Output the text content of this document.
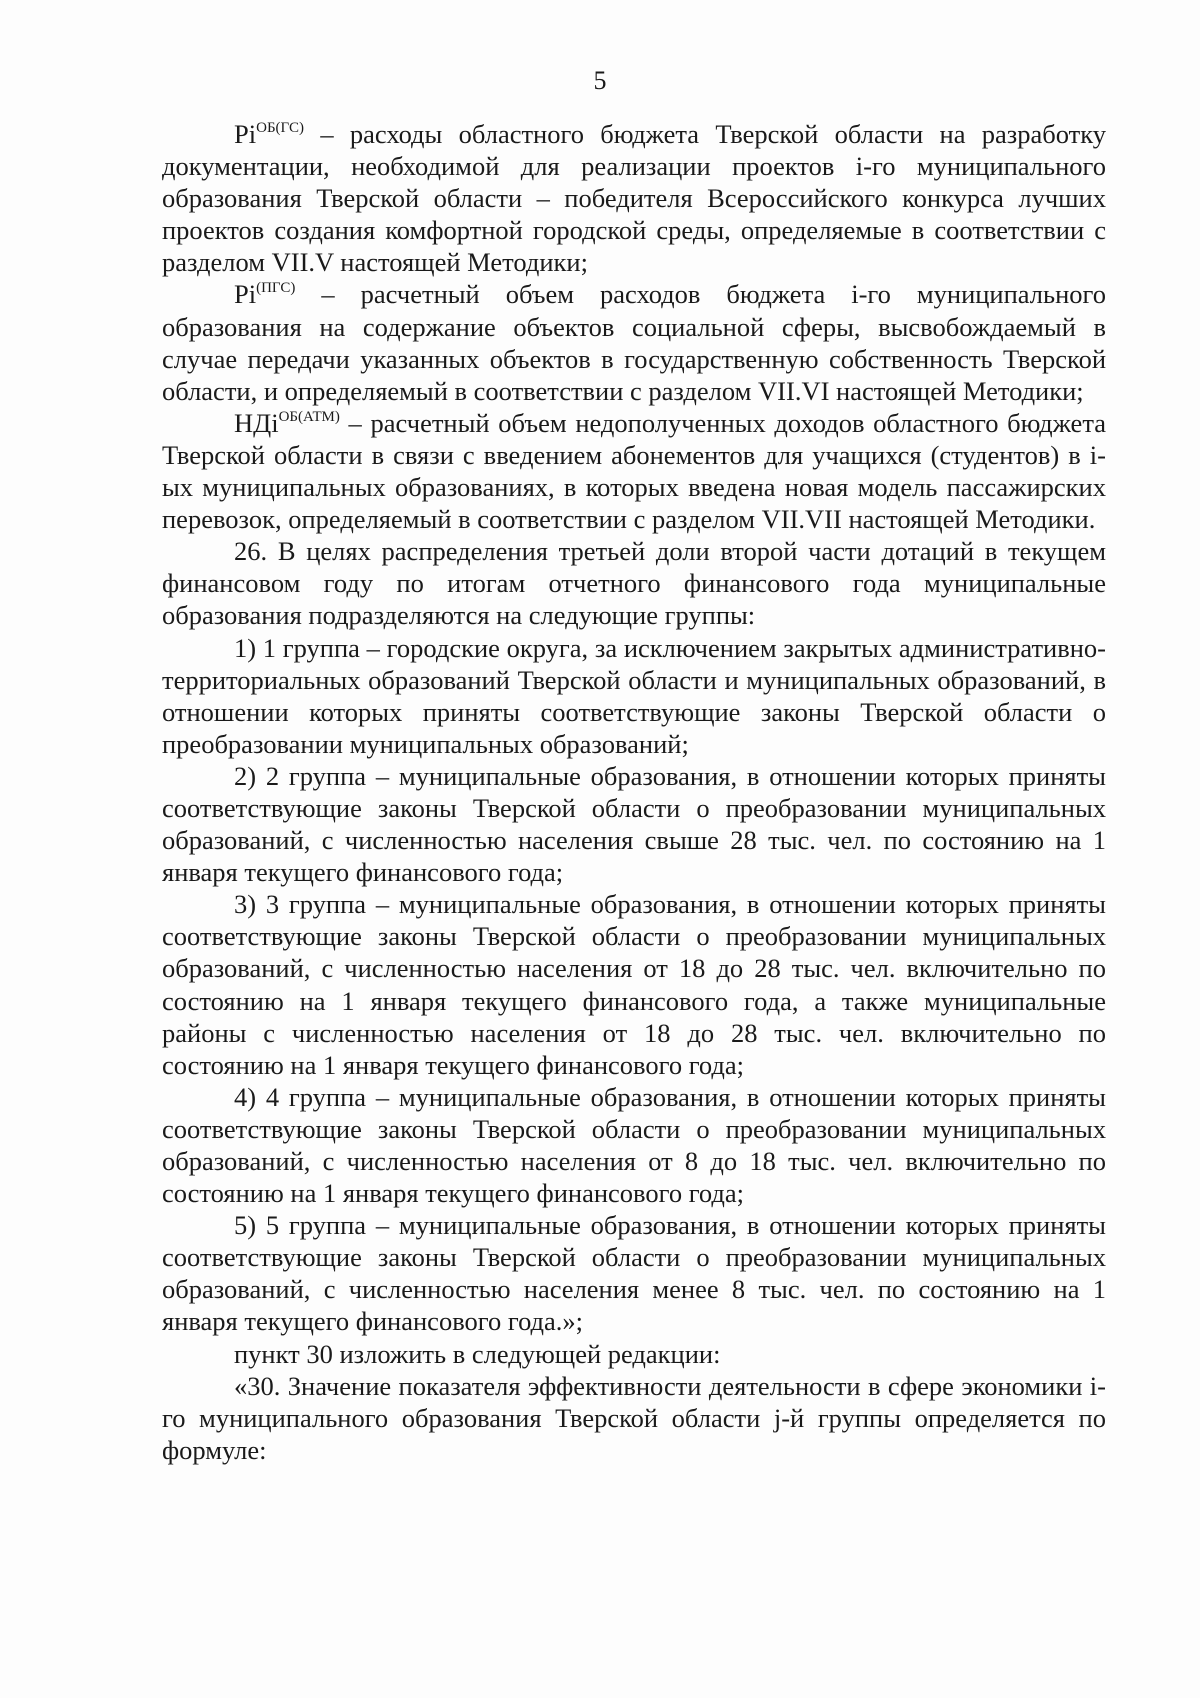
5

$Pi^{ОБ(ГС)}$ – расходы областного бюджета Тверской области на разработку документации, необходимой для реализации проектов i-го муниципального образования Тверской области – победителя Всероссийского конкурса лучших проектов создания комфортной городской среды, определяемые в соответствии с разделом VII.V настоящей Методики;

$Pi^{(ПГС)}$ – расчетный объем расходов бюджета i-го муниципального образования на содержание объектов социальной сферы, высвобождаемый в случае передачи указанных объектов в государственную собственность Тверской области, и определяемый в соответствии с разделом VII.VI настоящей Методики;

НДi$^{ОБ(АТМ)}$ – расчетный объем недополученных доходов областного бюджета Тверской области в связи с введением абонементов для учащихся (студентов) в i-ых муниципальных образованиях, в которых введена новая модель пассажирских перевозок, определяемый в соответствии с разделом VII.VII настоящей Методики.

26. В целях распределения третьей доли второй части дотаций в текущем финансовом году по итогам отчетного финансового года муниципальные образования подразделяются на следующие группы:

1) 1 группа – городские округа, за исключением закрытых административно-территориальных образований Тверской области и муниципальных образований, в отношении которых приняты соответствующие законы Тверской области о преобразовании муниципальных образований;

2) 2 группа – муниципальные образования, в отношении которых приняты соответствующие законы Тверской области о преобразовании муниципальных образований, с численностью населения свыше 28 тыс. чел. по состоянию на 1 января текущего финансового года;

3) 3 группа – муниципальные образования, в отношении которых приняты соответствующие законы Тверской области о преобразовании муниципальных образований, с численностью населения от 18 до 28 тыс. чел. включительно по состоянию на 1 января текущего финансового года, а также муниципальные районы с численностью населения от 18 до 28 тыс. чел. включительно по состоянию на 1 января текущего финансового года;

4) 4 группа – муниципальные образования, в отношении которых приняты соответствующие законы Тверской области о преобразовании муниципальных образований, с численностью населения от 8 до 18 тыс. чел. включительно по состоянию на 1 января текущего финансового года;

5) 5 группа – муниципальные образования, в отношении которых приняты соответствующие законы Тверской области о преобразовании муниципальных образований, с численностью населения менее 8 тыс. чел. по состоянию на 1 января текущего финансового года.»;

пункт 30 изложить в следующей редакции:

«30. Значение показателя эффективности деятельности в сфере экономики i-го муниципального образования Тверской области j-й группы определяется по формуле:
